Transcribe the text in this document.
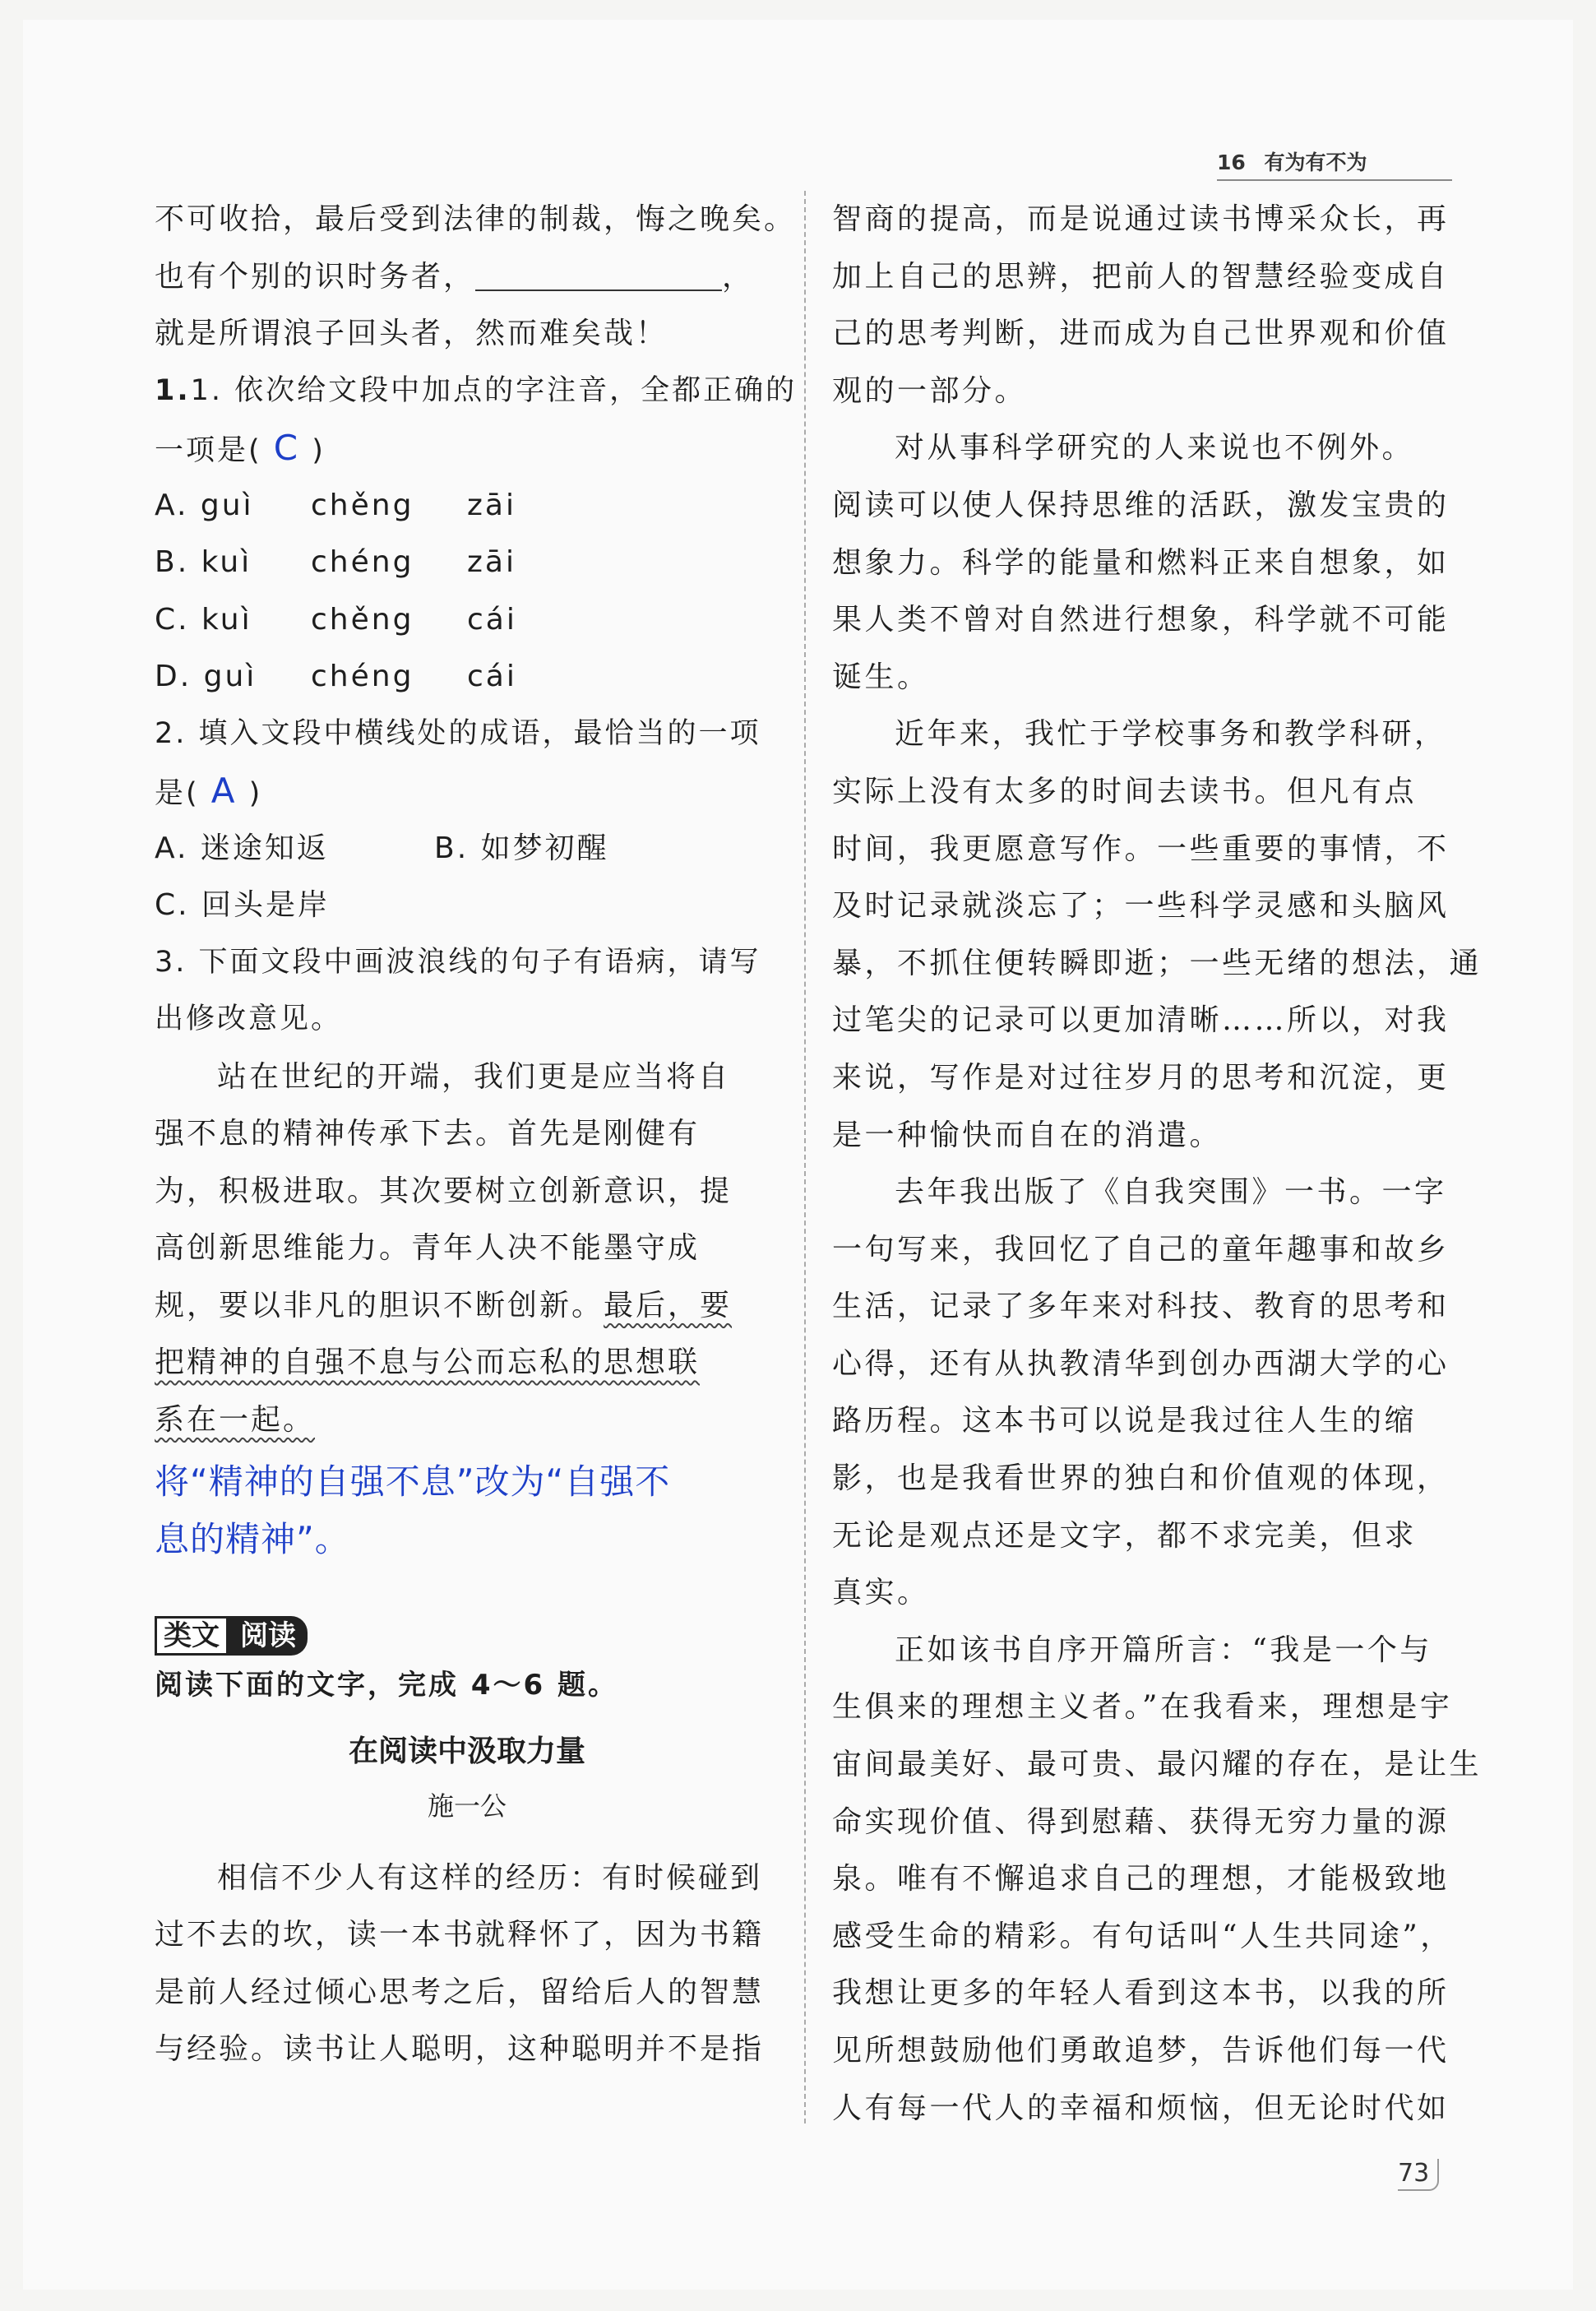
16 有为有不为
不可收拾，最后受到法律的制裁，悔之晚矣。
也有个别的识时务者，	，
就是所谓浪子回头者，然而难矣哉！
1.1. 依次给文段中加点的字注音，全都正确的
一项是( C )
A. guì chěng zāi
B. kuì chéng zāi
C. kuì chěng cái
D. guì chéng cái
2. 填入文段中横线处的成语，最恰当的一项
是( A )
A. 迷途知返	B. 如梦初醒
C. 回头是岸
3. 下面文段中画波浪线的句子有语病，请写
出修改意见。
站在世纪的开端，我们更是应当将自
强不息的精神传承下去。首先是刚健有
为，积极进取。其次要树立创新意识，提
高创新思维能力。青年人决不能墨守成
规，要以非凡的胆识不断创新。最后，要
把精神的自强不息与公而忘私的思想联
系在一起。
将“精神的自强不息”改为“自强不
息的精神”。
类文 阅读
阅读下面的文字，完成 4～6 题。
在阅读中汲取力量
施一公
相信不少人有这样的经历：有时候碰到
过不去的坎，读一本书就释怀了，因为书籍
是前人经过倾心思考之后，留给后人的智慧
与经验。读书让人聪明，这种聪明并不是指
智商的提高，而是说通过读书博采众长，再
加上自己的思辨，把前人的智慧经验变成自
己的思考判断，进而成为自己世界观和价值
观的一部分。
对从事科学研究的人来说也不例外。
阅读可以使人保持思维的活跃，激发宝贵的
想象力。科学的能量和燃料正来自想象，如
果人类不曾对自然进行想象，科学就不可能
诞生。
近年来，我忙于学校事务和教学科研，
实际上没有太多的时间去读书。但凡有点
时间，我更愿意写作。一些重要的事情，不
及时记录就淡忘了；一些科学灵感和头脑风
暴，不抓住便转瞬即逝；一些无绪的想法，通
过笔尖的记录可以更加清晰……所以，对我
来说，写作是对过往岁月的思考和沉淀，更
是一种愉快而自在的消遣。
去年我出版了《自我突围》一书。一字
一句写来，我回忆了自己的童年趣事和故乡
生活，记录了多年来对科技、教育的思考和
心得，还有从执教清华到创办西湖大学的心
路历程。这本书可以说是我过往人生的缩
影，也是我看世界的独白和价值观的体现，
无论是观点还是文字，都不求完美，但求
真实。
正如该书自序开篇所言：“我是一个与
生俱来的理想主义者。”在我看来，理想是宇
宙间最美好、最可贵、最闪耀的存在，是让生
命实现价值、得到慰藉、获得无穷力量的源
泉。唯有不懈追求自己的理想，才能极致地
感受生命的精彩。有句话叫“人生共同途”，
我想让更多的年轻人看到这本书，以我的所
见所想鼓励他们勇敢追梦，告诉他们每一代
人有每一代人的幸福和烦恼，但无论时代如
73
